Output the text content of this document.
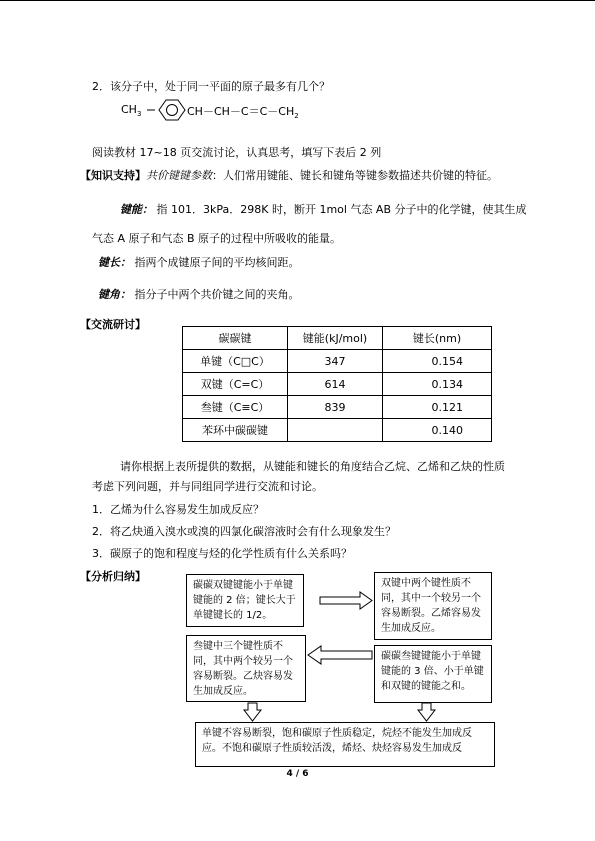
2．该分子中，处于同一平面的原子最多有几个？
$CH_3$	$CH-CH-C=C-CH_2$
阅读教材 17~18 页交流讨论，认真思考，填写下表后 2 列
【知识支持】共价键键参数：人们常用键能、键长和键角等键参数描述共价键的特征。
键能： 指 101．3kPa．298K 时，断开 1mol 气态 AB 分子中的化学键，使其生成
气态 A 原子和气态 B 原子的过程中所吸收的能量。
键长： 指两个成键原子间的平均核间距。
键角： 指分子中两个共价键之间的夹角。
【交流研讨】
碳碳键	键能(kJ/mol)	键长(nm)
单键（C□C）	347	0.154
双键（C=C）	614	0.134
叁键（C≡C）	839	0.121
苯环中碳碳键		0.140
请你根据上表所提供的数据，从键能和键长的角度结合乙烷、乙烯和乙炔的性质
考虑下列问题，并与同组同学进行交流和讨论。
1．乙烯为什么容易发生加成反应？
2．将乙炔通入溴水或溴的四氯化碳溶液时会有什么现象发生？
3．碳原子的饱和程度与烃的化学性质有什么关系吗？
【分析归纳】
碳碳双键键能小于单键键能的 2 倍；键长大于单键键长的 1/2。
双键中两个键性质不同，其中一个较另一个容易断裂。乙烯容易发生加成反应。
叁键中三个键性质不同，其中两个较另一个容易断裂。乙炔容易发生加成反应。
碳碳叁键键能小于单键键能的 3 倍、小于单键和双键的键能之和。
单键不容易断裂，饱和碳原子性质稳定，烷烃不能发生加成反应。不饱和碳原子性质较活泼，烯烃、炔烃容易发生加成反
4 / 6
